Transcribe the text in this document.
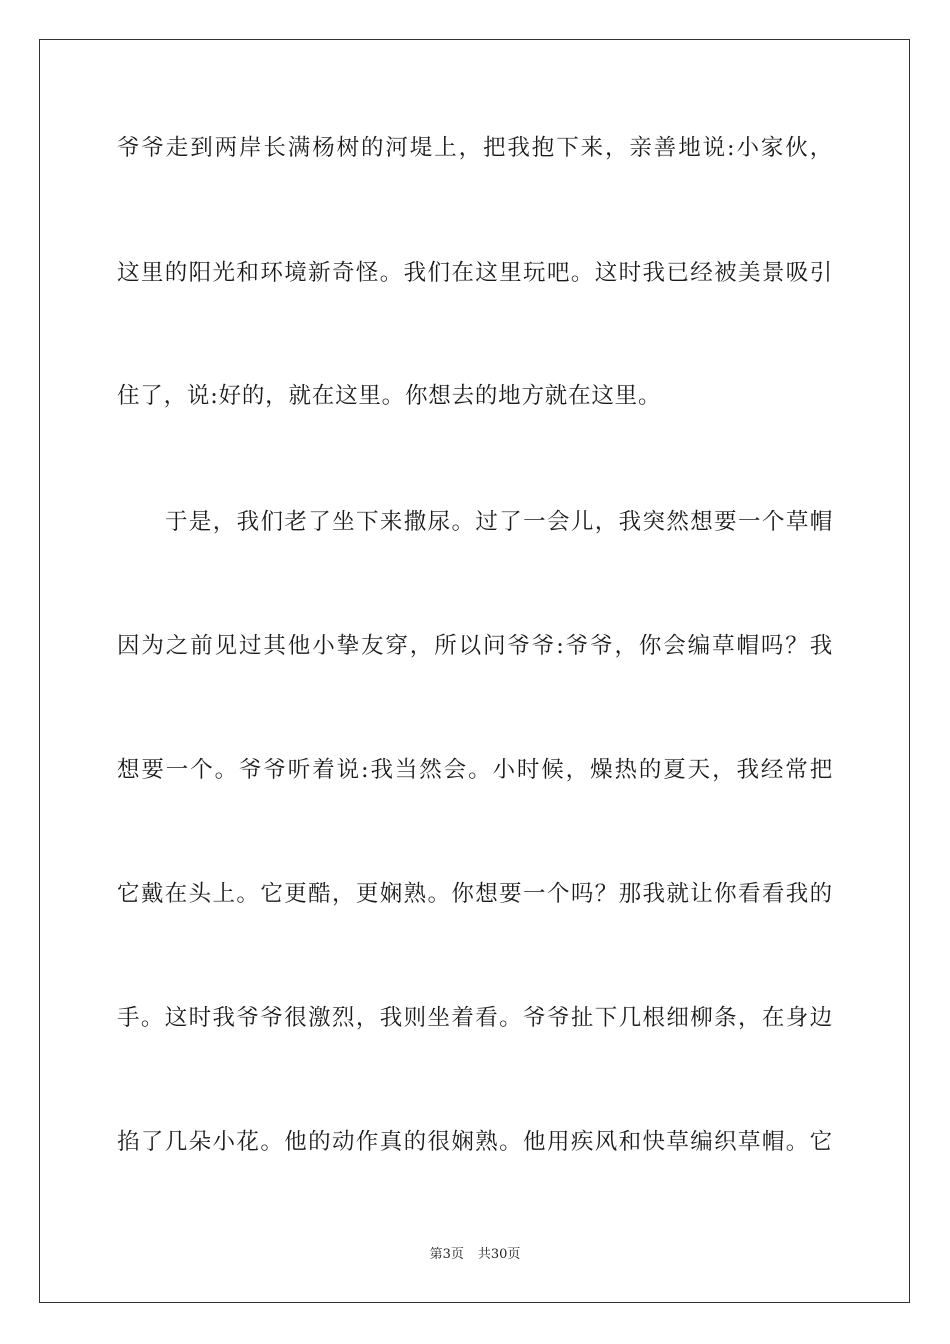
爷爷走到两岸长满杨树的河堤上，把我抱下来，亲善地说:小家伙，
这里的阳光和环境新奇怪。我们在这里玩吧。这时我已经被美景吸引
住了，说:好的，就在这里。你想去的地方就在这里。
于是，我们老了坐下来撒尿。过了一会儿，我突然想要一个草帽
因为之前见过其他小挚友穿，所以问爷爷:爷爷，你会编草帽吗？我
想要一个。爷爷听着说:我当然会。小时候，燥热的夏天，我经常把
它戴在头上。它更酷，更娴熟。你想要一个吗？那我就让你看看我的
手。这时我爷爷很激烈，我则坐着看。爷爷扯下几根细柳条，在身边
掐了几朵小花。他的动作真的很娴熟。他用疾风和快草编织草帽。它
第3页 共30页
